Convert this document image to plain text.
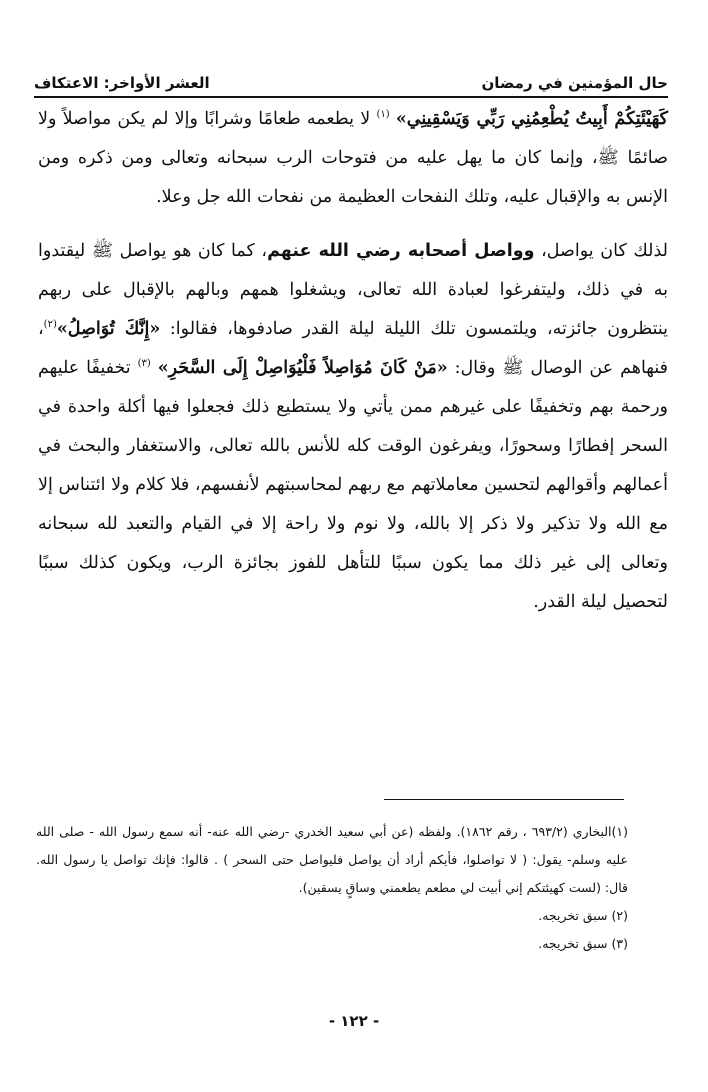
حال المؤمنين في رمضان
العشر الأواخر: الاعتكاف

كَهَيْئَتِكُمْ أَبِيتُ يُطْعِمُنِي رَبِّي وَيَسْقِينِي» $^{(١)}$ لا يطعمه طعامًا وشرابًا وإلا لم يكن مواصلاً ولا صائمًا ﷺ، وإنما كان ما يهل عليه من فتوحات الرب سبحانه وتعالى ومن ذكره ومن الإنس به والإقبال عليه، وتلك النفحات العظيمة من نفحات الله جل وعلا.

لذلك كان يواصل، وواصل أصحابه رضي الله عنهم، كما كان هو يواصل ﷺ ليقتدوا به في ذلك، وليتفرغوا لعبادة الله تعالى، ويشغلوا همهم وبالهم بالإقبال على ربهم ينتظرون جائزته، ويلتمسون تلك الليلة ليلة القدر صادفوها، فقالوا: «إِنَّكَ تُوَاصِلُ»$^{(٢)}$، فنهاهم عن الوصال ﷺ وقال: «مَنْ كَانَ مُوَاصِلاً فَلْيُوَاصِلْ إِلَى السَّحَرِ» $^{(٣)}$ تخفيفًا عليهم ورحمة بهم وتخفيفًا على غيرهم ممن يأتي ولا يستطيع ذلك فجعلوا فيها أكلة واحدة في السحر إفطارًا وسحورًا، ويفرغون الوقت كله للأنس بالله تعالى، والاستغفار والبحث في أعمالهم وأقوالهم لتحسين معاملاتهم مع ربهم لمحاسبتهم لأنفسهم، فلا كلام ولا ائتناس إلا مع الله ولا تذكير ولا ذكر إلا بالله، ولا نوم ولا راحة إلا في القيام والتعبد لله سبحانه وتعالى إلى غير ذلك مما يكون سببًا للتأهل للفوز بجائزة الرب، ويكون كذلك سببًا لتحصيل ليلة القدر.

(١)البخاري (٦٩٣/٢ ، رقم ١٨٦٢). ولفظه (عن أبي سعيد الخدري -رضي الله عنه- أنه سمع رسول الله - صلى الله عليه وسلم- يقول: ( لا تواصلوا، فأيكم أراد أن يواصل فليواصل حتى السحر ) . قالوا: فإنك تواصل يا رسول الله. قال: (لست كهيئتكم إني أبيت لي مطعم يطعمني وساقٍ يسقين).

(٢) سبق تخريجه.

(٣) سبق تخريجه.

- ١٢٢ -
